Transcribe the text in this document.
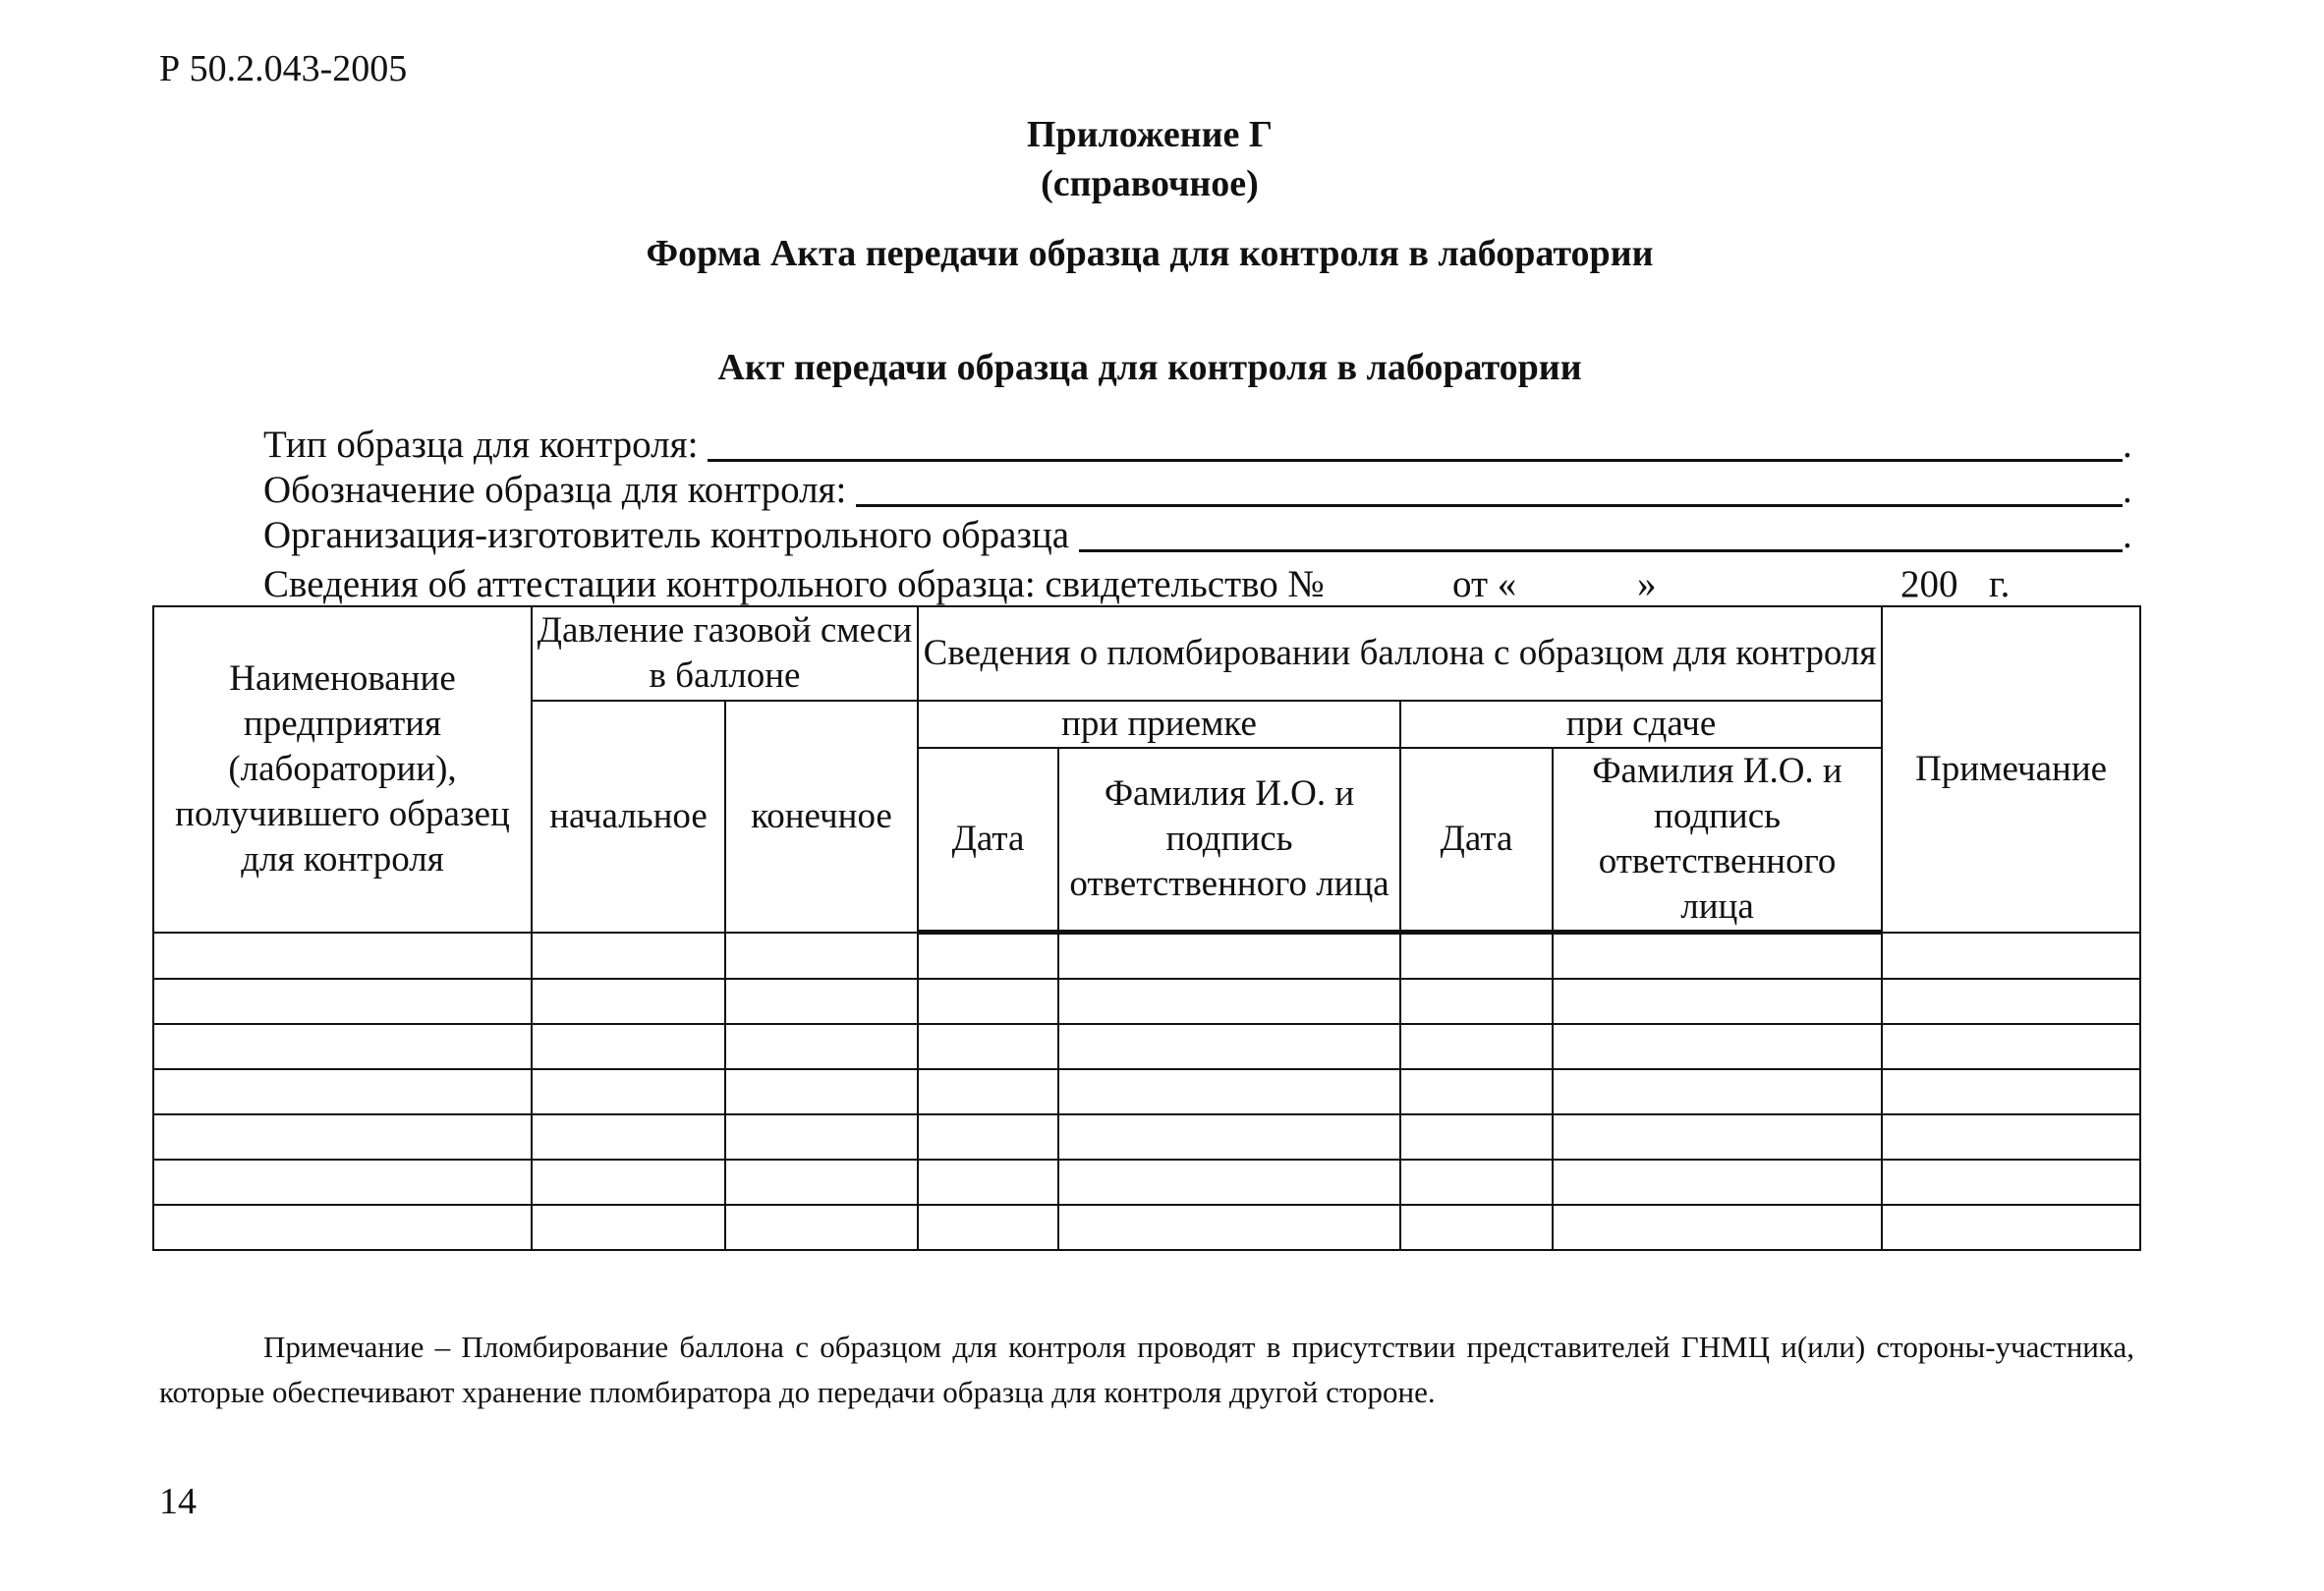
Р 50.2.043-2005
Приложение Г
(справочное)
Форма Акта передачи образца для контроля в лаборатории
Акт передачи образца для контроля в лаборатории
Тип образца для контроля:	.
Обозначение образца для контроля:	.
Организация-изготовитель контрольного образца	.
Сведения об аттестации контрольного образца: свидетельство №	от «	»	200 г.
Наименование предприятия (лаборатории), получившего образец для контроля	Давление газовой смеси в баллоне		Сведения о пломбировании баллона с образцом для контроля				Примечание
	начальное	конечное	при приемке		при сдаче		
			Дата	Фамилия И.О. и подпись ответственного лица	Дата	Фамилия И.О. и подпись ответственного лица	

Примечание – Пломбирование баллона с образцом для контроля проводят в присутствии представителей ГНМЦ и(или) стороны-участника, которые обеспечивают хранение пломбиратора до передачи образца для контроля другой стороне.
14
